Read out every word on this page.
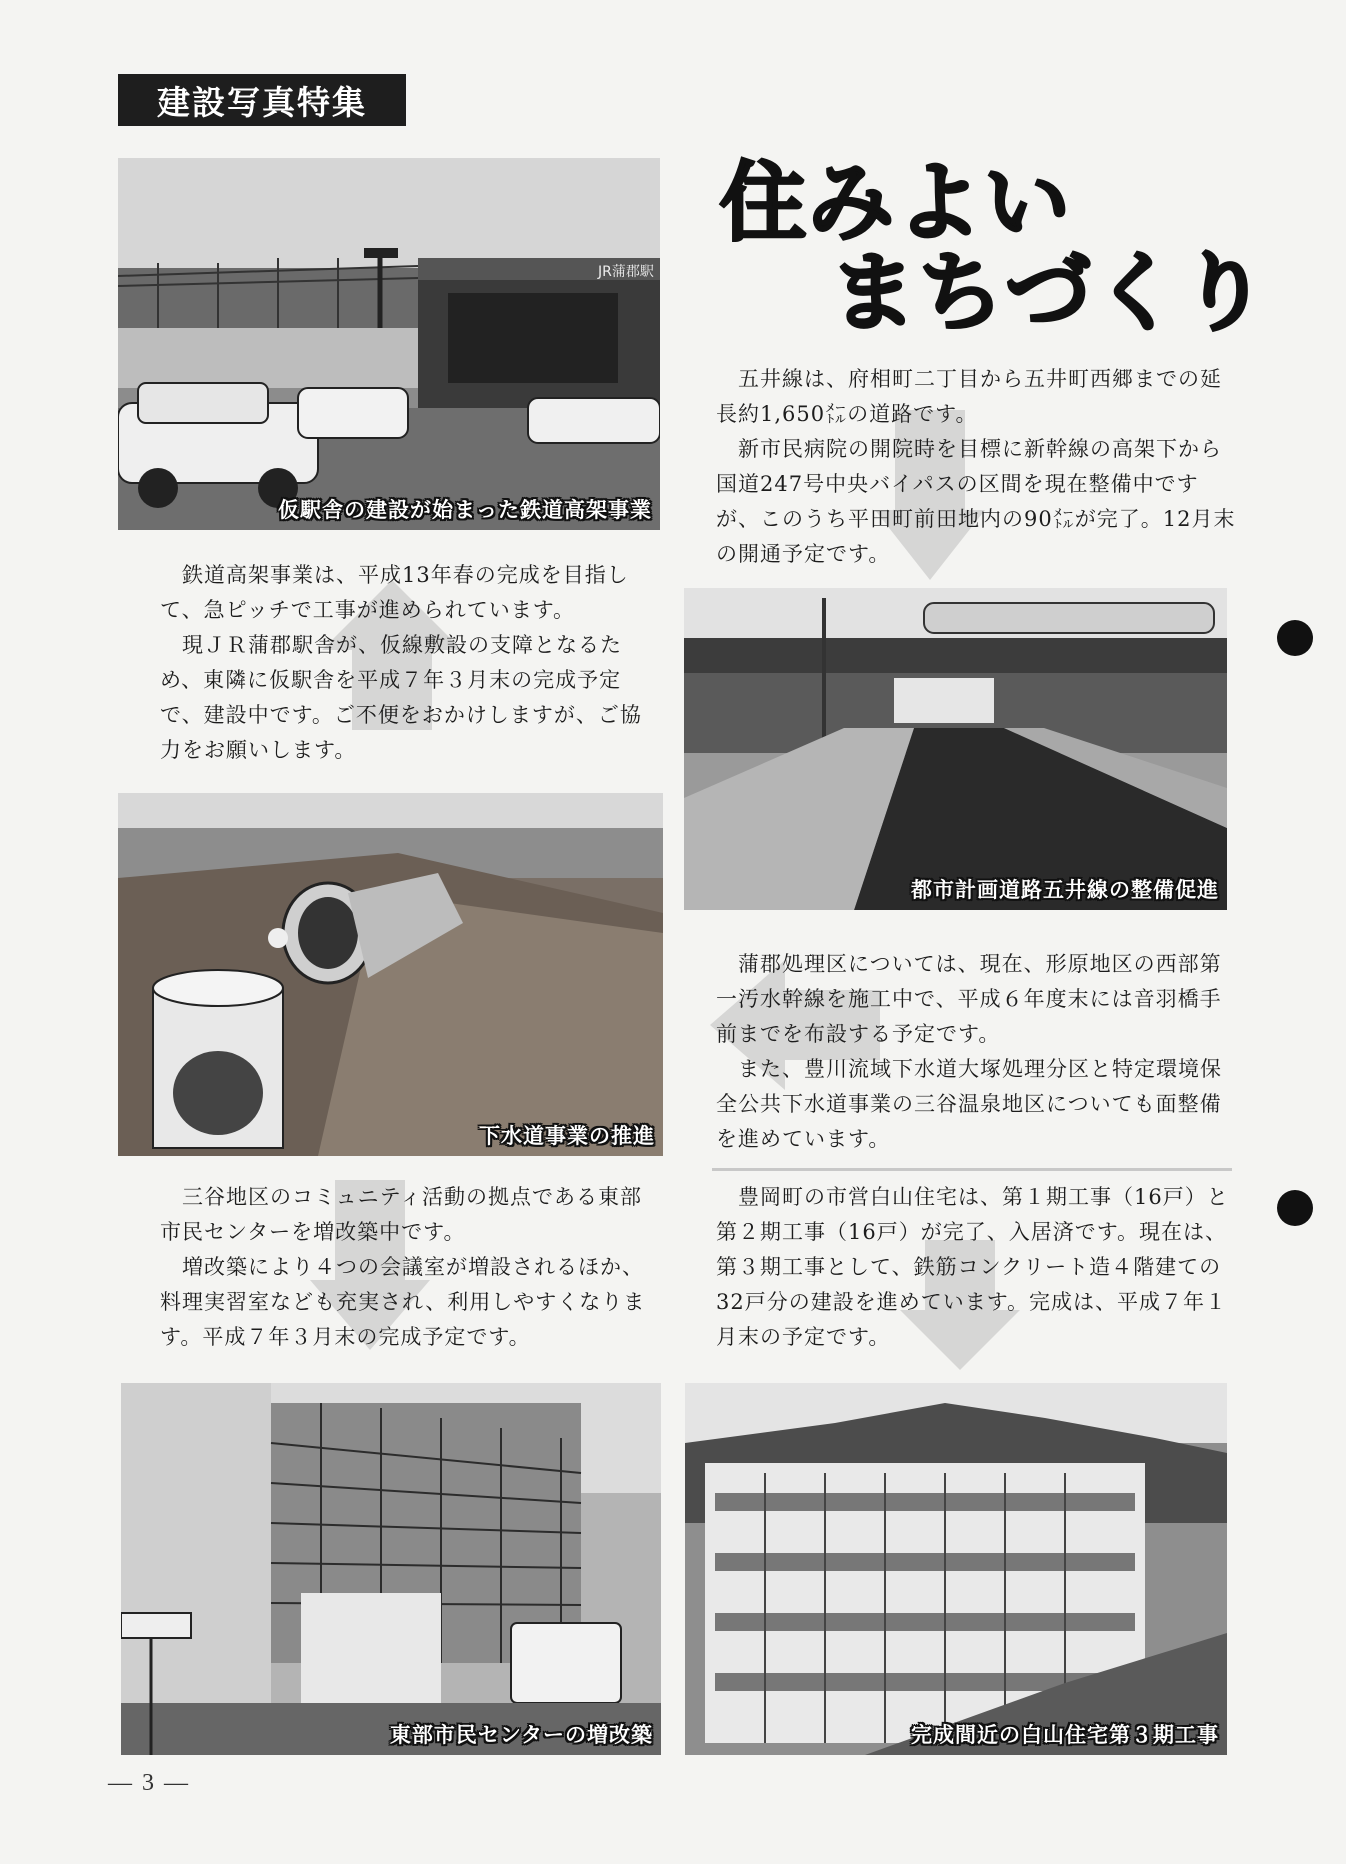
建設写真特集
住みよい
まちづくり
JR蒲郡駅
仮駅舎の建設が始まった鉄道高架事業

五井線は、府相町二丁目から五井町西郷までの延長約1,650㍍の道路です。

新市民病院の開院時を目標に新幹線の高架下から国道247号中央バイパスの区間を現在整備中ですが、このうち平田町前田地内の90㍍が完了。12月末の開通予定です。

鉄道高架事業は、平成13年春の完成を目指して、急ピッチで工事が進められています。

現ＪＲ蒲郡駅舎が、仮線敷設の支障となるため、東隣に仮駅舎を平成７年３月末の完成予定で、建設中です。ご不便をおかけしますが、ご協力をお願いします。

都市計画道路五井線の整備促進
下水道事業の推進

蒲郡処理区については、現在、形原地区の西部第一汚水幹線を施工中で、平成６年度末には音羽橋手前までを布設する予定です。

また、豊川流域下水道大塚処理分区と特定環境保全公共下水道事業の三谷温泉地区についても面整備を進めています。

三谷地区のコミュニティ活動の拠点である東部市民センターを増改築中です。

増改築により４つの会議室が増設されるほか、料理実習室なども充実され、利用しやすくなります。平成７年３月末の完成予定です。

豊岡町の市営白山住宅は、第１期工事（16戸）と第２期工事（16戸）が完了、入居済です。現在は、第３期工事として、鉄筋コンクリート造４階建ての32戸分の建設を進めています。完成は、平成７年１月末の予定です。

東部市民センターの増改築	完成間近の白山住宅第３期工事
— 3 —
